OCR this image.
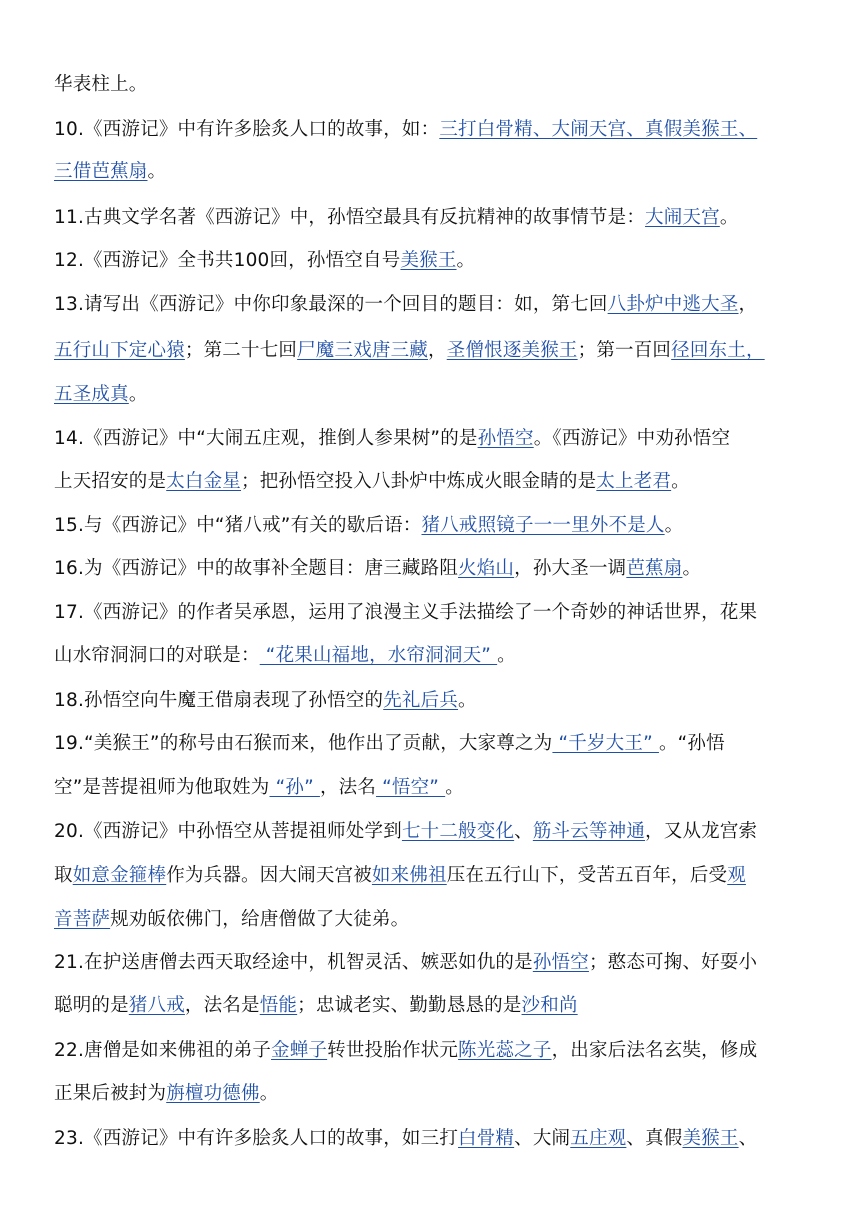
华表柱上。
10.《西游记》中有许多脍炙人口的故事，如：三打白骨精、大闹天宫、真假美猴王、
三借芭蕉扇。
11.古典文学名著《西游记》中，孙悟空最具有反抗精神的故事情节是：大闹天宫。
12.《西游记》全书共100回，孙悟空自号美猴王。
13.请写出《西游记》中你印象最深的一个回目的题目：如，第七回八卦炉中逃大圣，
五行山下定心猿；第二十七回尸魔三戏唐三藏，圣僧恨逐美猴王；第一百回径回东土，
五圣成真。
14.《西游记》中“大闹五庄观，推倒人参果树”的是孙悟空。《西游记》中劝孙悟空
上天招安的是太白金星；把孙悟空投入八卦炉中炼成火眼金睛的是太上老君。
15.与《西游记》中“猪八戒”有关的歇后语：猪八戒照镜子一一里外不是人。
16.为《西游记》中的故事补全题目：唐三藏路阻火焰山，孙大圣一调芭蕉扇。
17.《西游记》的作者吴承恩，运用了浪漫主义手法描绘了一个奇妙的神话世界，花果
山水帘洞洞口的对联是： “花果山福地，水帘洞洞天” 。
18.孙悟空向牛魔王借扇表现了孙悟空的先礼后兵。
19.“美猴王”的称号由石猴而来，他作出了贡献，大家尊之为 “千岁大王” 。“孙悟
空”是菩提祖师为他取姓为 “孙” ，法名 “悟空” 。
20.《西游记》中孙悟空从菩提祖师处学到七十二般变化、筋斗云等神通，又从龙宫索
取如意金箍棒作为兵器。因大闹天宫被如来佛祖压在五行山下，受苦五百年，后受观
音菩萨规劝皈依佛门，给唐僧做了大徒弟。
21.在护送唐僧去西天取经途中，机智灵活、嫉恶如仇的是孙悟空；憨态可掬、好耍小
聪明的是猪八戒，法名是悟能；忠诚老实、勤勤恳恳的是沙和尚
22.唐僧是如来佛祖的弟子金蝉子转世投胎作状元陈光蕊之子，出家后法名玄奘，修成
正果后被封为旃檀功德佛。
23.《西游记》中有许多脍炙人口的故事，如三打白骨精、大闹五庄观、真假美猴王、
